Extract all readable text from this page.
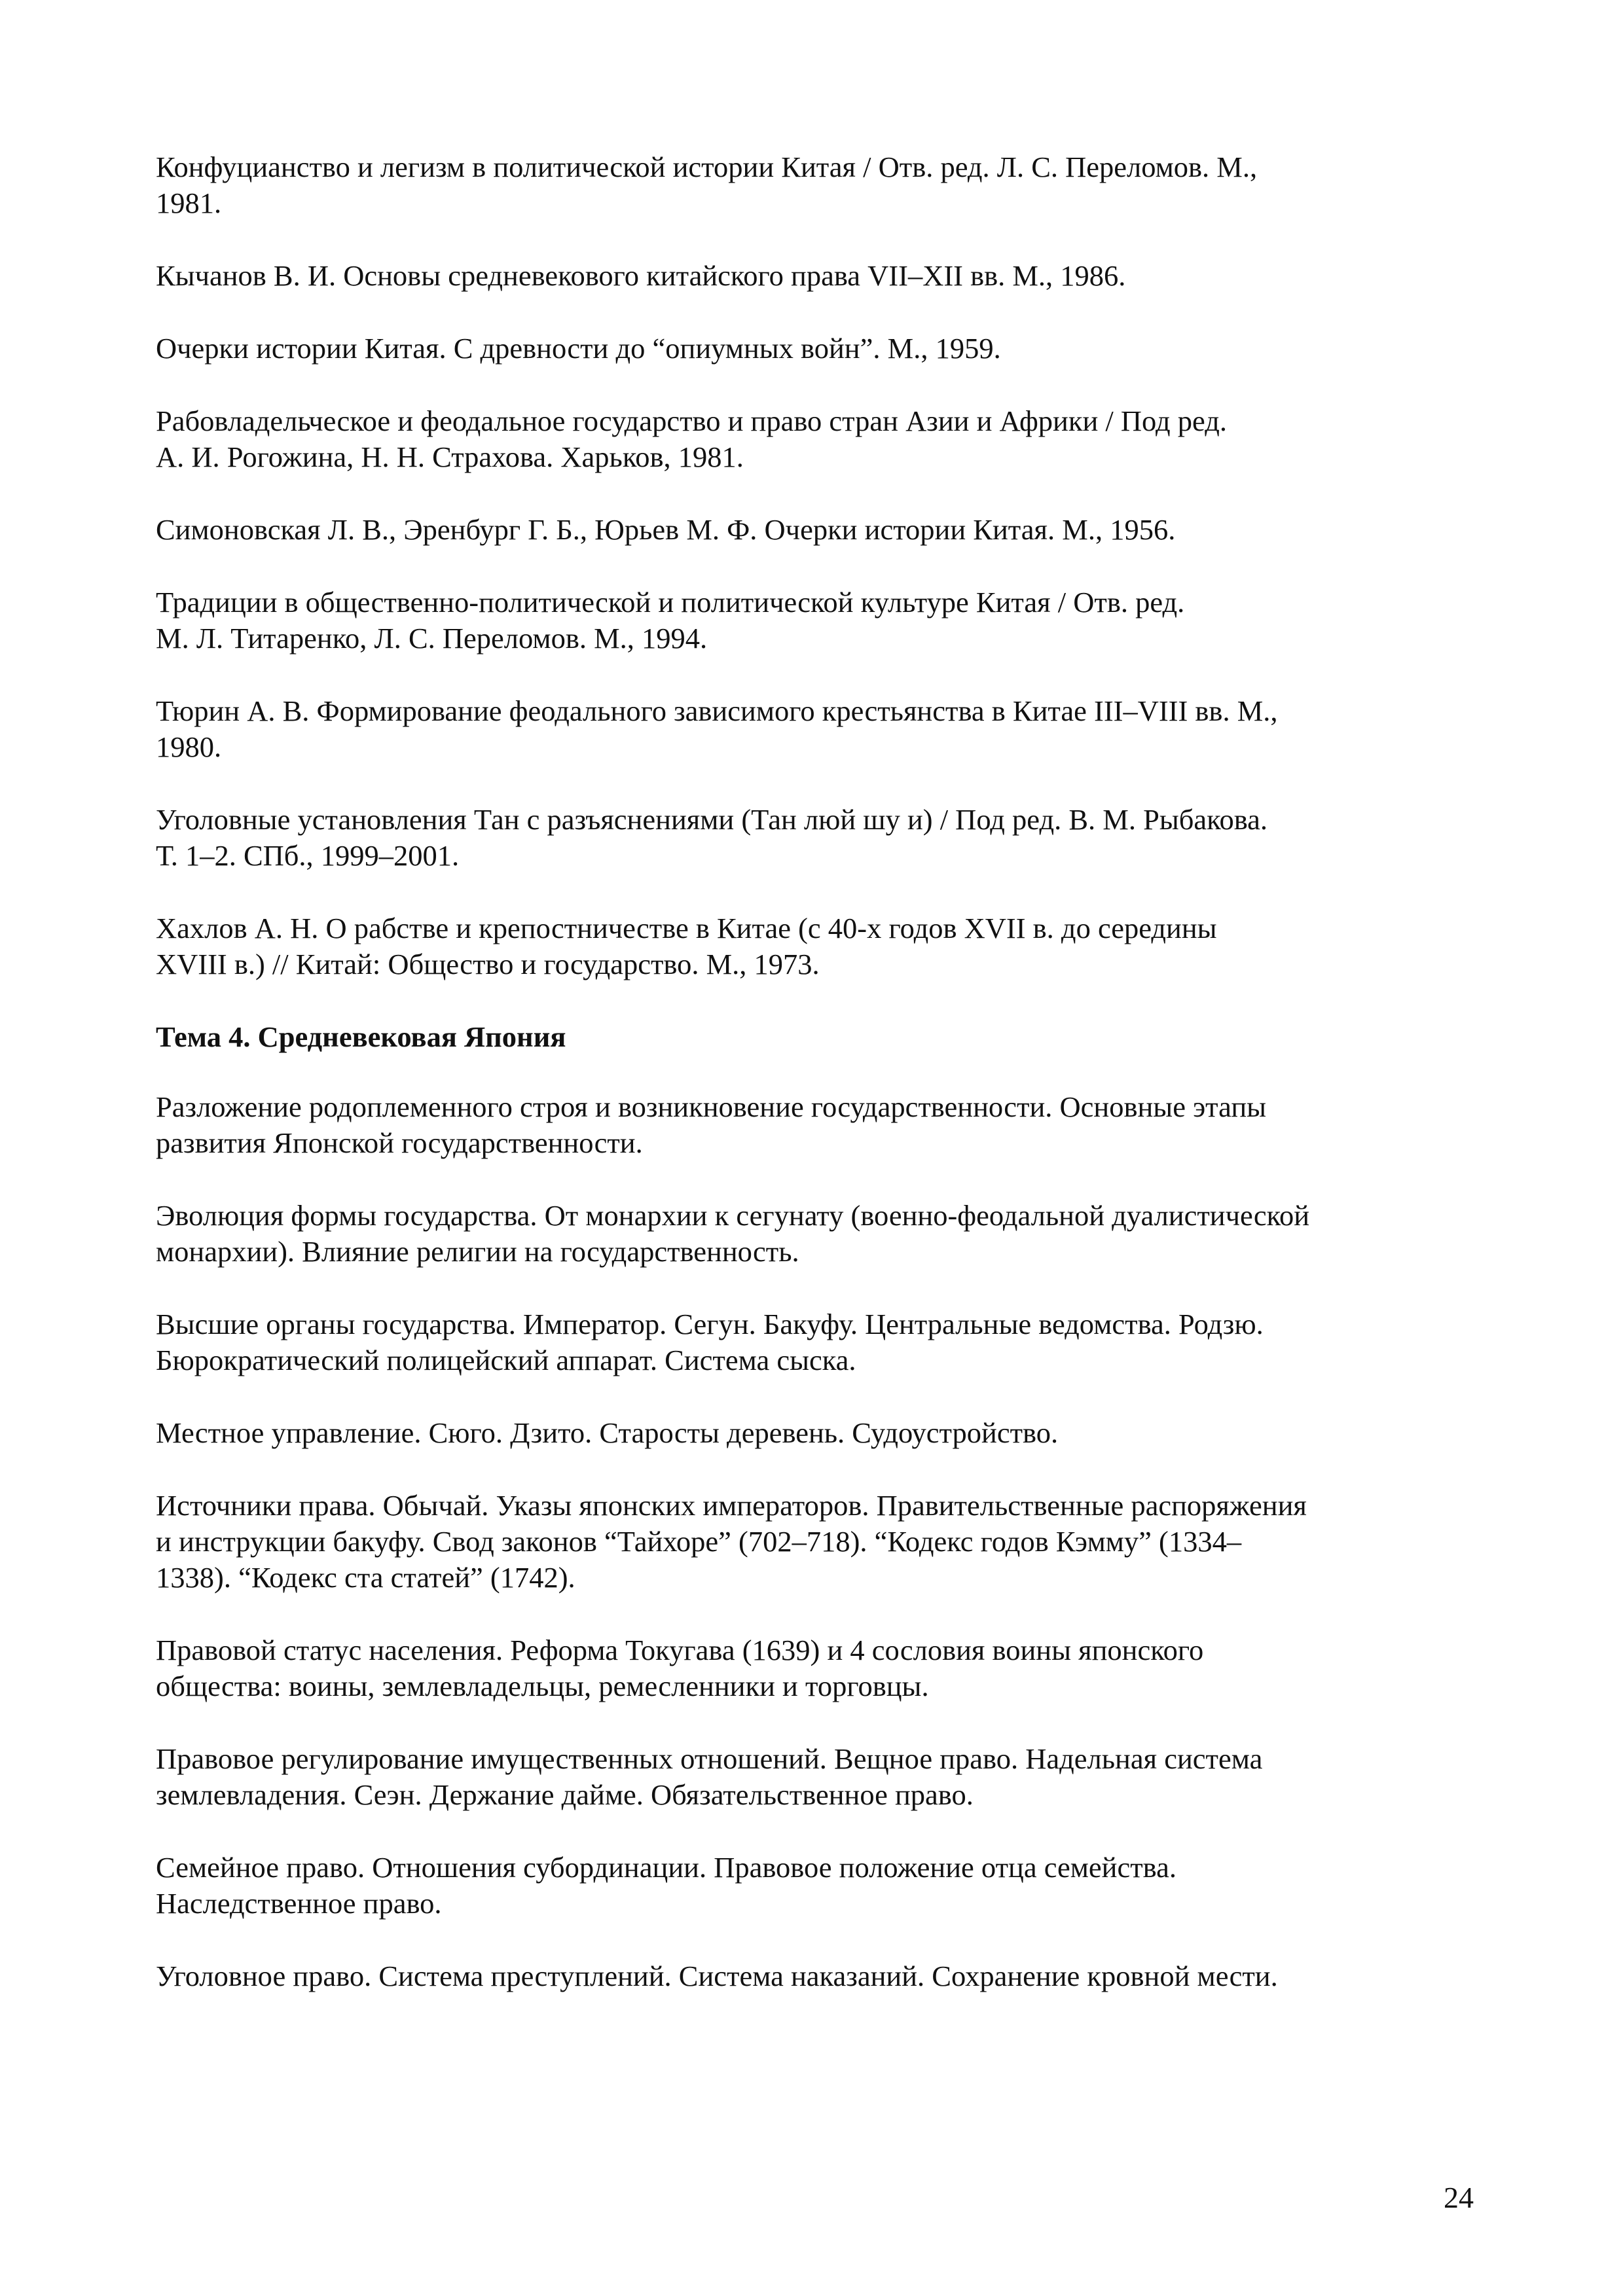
Конфуцианство и легизм в политической истории Китая / Отв. ред. Л. С. Переломов. М.,
1981.

Кычанов В. И. Основы средневекового китайского права VII–XII вв. М., 1986.

Очерки истории Китая. С древности до “опиумных войн”. М., 1959.

Рабовладельческое и феодальное государство и право стран Азии и Африки / Под ред.
А. И. Рогожина, Н. Н. Страхова. Харьков, 1981.

Симоновская Л. В., Эренбург Г. Б., Юрьев М. Ф. Очерки истории Китая. М., 1956.

Традиции в общественно-политической и политической культуре Китая / Отв. ред.
М. Л. Титаренко, Л. С. Переломов. М., 1994.

Тюрин А. В. Формирование феодального зависимого крестьянства в Китае III–VIII вв. М.,
1980.

Уголовные установления Тан с разъяснениями (Тан люй шу и) / Под ред. В. М. Рыбакова.
Т. 1–2. СПб., 1999–2001.

Хахлов А. Н. О рабстве и крепостничестве в Китае (с 40-х годов XVII в. до середины
XVIII в.) // Китай: Общество и государство. М., 1973.

Тема 4. Средневековая Япония

Разложение родоплеменного строя и возникновение государственности. Основные этапы
развития Японской государственности.

Эволюция формы государства. От монархии к сегунату (военно-феодальной дуалистической
монархии). Влияние религии на государственность.

Высшие органы государства. Император. Сегун. Бакуфу. Центральные ведомства. Родзю.
Бюрократический полицейский аппарат. Система сыска.

Местное управление. Сюго. Дзито. Старосты деревень. Судоустройство.

Источники права. Обычай. Указы японских императоров. Правительственные распоряжения
и инструкции бакуфу. Свод законов “Тайхоре” (702–718). “Кодекс годов Кэмму” (1334–
1338). “Кодекс ста статей” (1742).

Правовой статус населения. Реформа Токугава (1639) и 4 сословия воины японского
общества: воины, землевладельцы, ремесленники и торговцы.

Правовое регулирование имущественных отношений. Вещное право. Надельная система
землевладения. Сеэн. Держание дайме. Обязательственное право.

Семейное право. Отношения субординации. Правовое положение отца семейства.
Наследственное право.

Уголовное право. Система преступлений. Система наказаний. Сохранение кровной мести.

24
